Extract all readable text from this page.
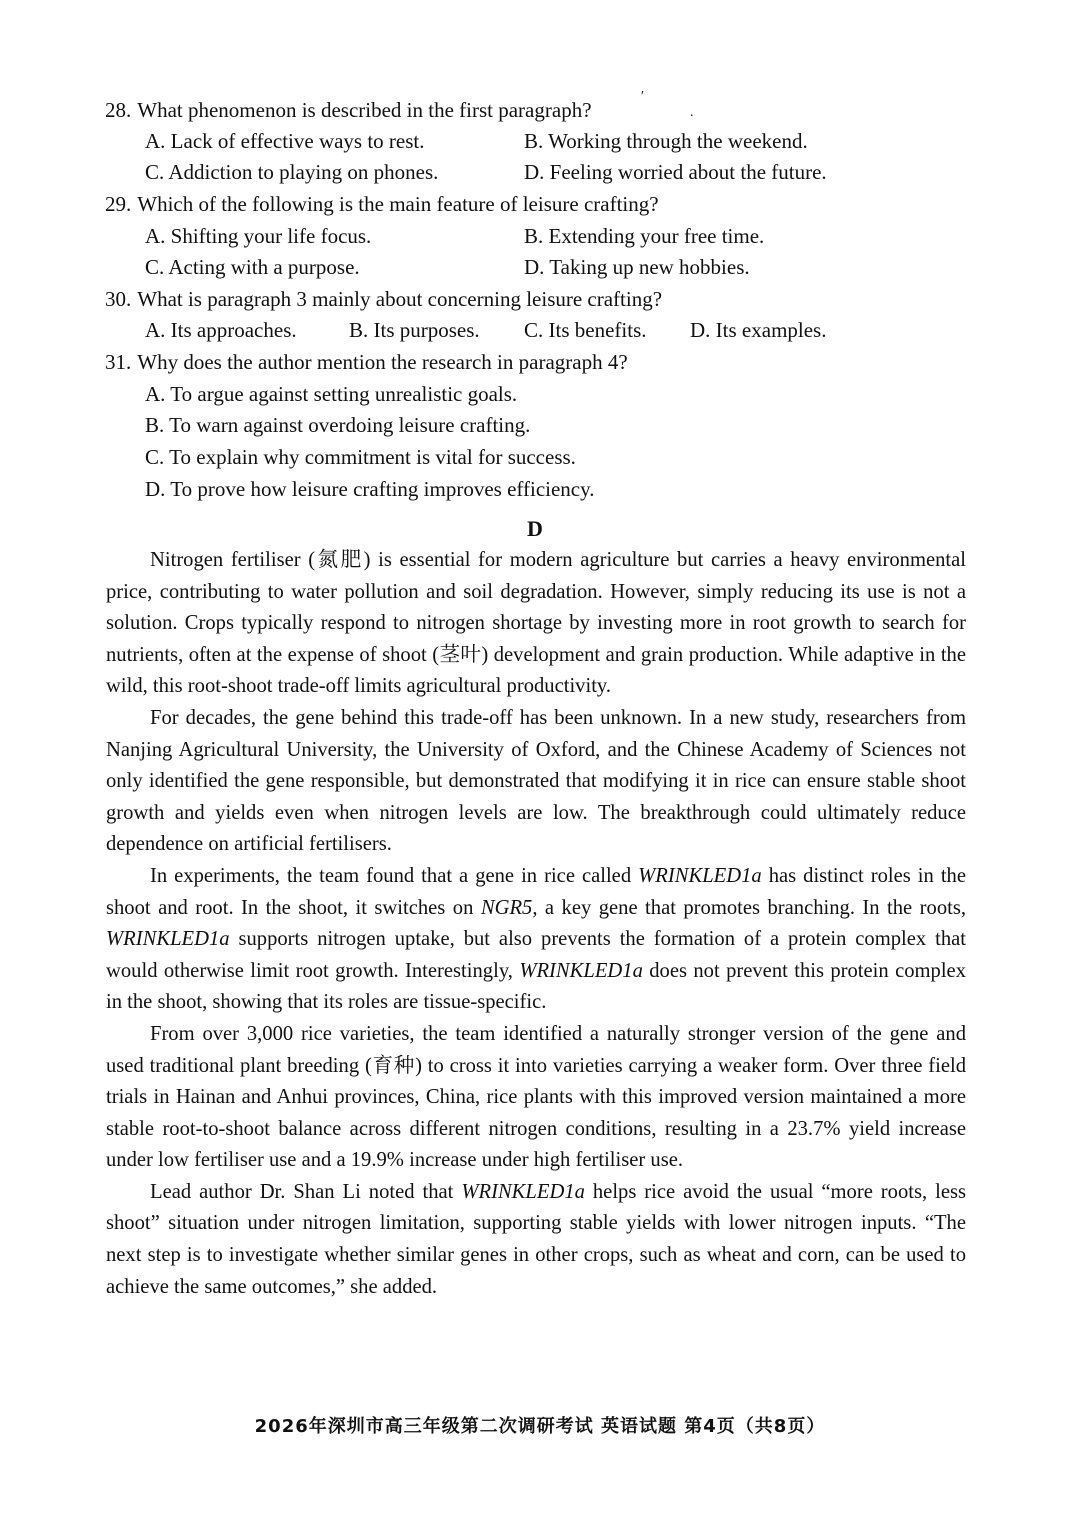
′
.
28. What phenomenon is described in the first paragraph?
A. Lack of effective ways to rest.	B. Working through the weekend.
C. Addiction to playing on phones.	D. Feeling worried about the future.
29. Which of the following is the main feature of leisure crafting?
A. Shifting your life focus.	B. Extending your free time.
C. Acting with a purpose.	D. Taking up new hobbies.
30. What is paragraph 3 mainly about concerning leisure crafting?
A. Its approaches. B. Its purposes. C. Its benefits. D. Its examples.
31. Why does the author mention the research in paragraph 4?
A. To argue against setting unrealistic goals.
B. To warn against overdoing leisure crafting.
C. To explain why commitment is vital for success.
D. To prove how leisure crafting improves efficiency.
D

Nitrogen fertiliser (氮肥) is essential for modern agriculture but carries a heavy environmental price, contributing to water pollution and soil degradation. However, simply reducing its use is not a solution. Crops typically respond to nitrogen shortage by investing more in root growth to search for nutrients, often at the expense of shoot (茎叶) development and grain production. While adaptive in the wild, this root-shoot trade-off limits agricultural productivity.

For decades, the gene behind this trade-off has been unknown. In a new study, researchers from Nanjing Agricultural University, the University of Oxford, and the Chinese Academy of Sciences not only identified the gene responsible, but demonstrated that modifying it in rice can ensure stable shoot growth and yields even when nitrogen levels are low. The breakthrough could ultimately reduce dependence on artificial fertilisers.

In experiments, the team found that a gene in rice called WRINKLED1a has distinct roles in the shoot and root. In the shoot, it switches on NGR5, a key gene that promotes branching. In the roots, WRINKLED1a supports nitrogen uptake, but also prevents the formation of a protein complex that would otherwise limit root growth. Interestingly, WRINKLED1a does not prevent this protein complex in the shoot, showing that its roles are tissue-specific.

From over 3,000 rice varieties, the team identified a naturally stronger version of the gene and used traditional plant breeding (育种) to cross it into varieties carrying a weaker form. Over three field trials in Hainan and Anhui provinces, China, rice plants with this improved version maintained a more stable root-to-shoot balance across different nitrogen conditions, resulting in a 23.7% yield increase under low fertiliser use and a 19.9% increase under high fertiliser use.

Lead author Dr. Shan Li noted that WRINKLED1a helps rice avoid the usual “more roots, less shoot” situation under nitrogen limitation, supporting stable yields with lower nitrogen inputs. “The next step is to investigate whether similar genes in other crops, such as wheat and corn, can be used to achieve the same outcomes,” she added.

2026年深圳市高三年级第二次调研考试 英语试题 第4页（共8页）
